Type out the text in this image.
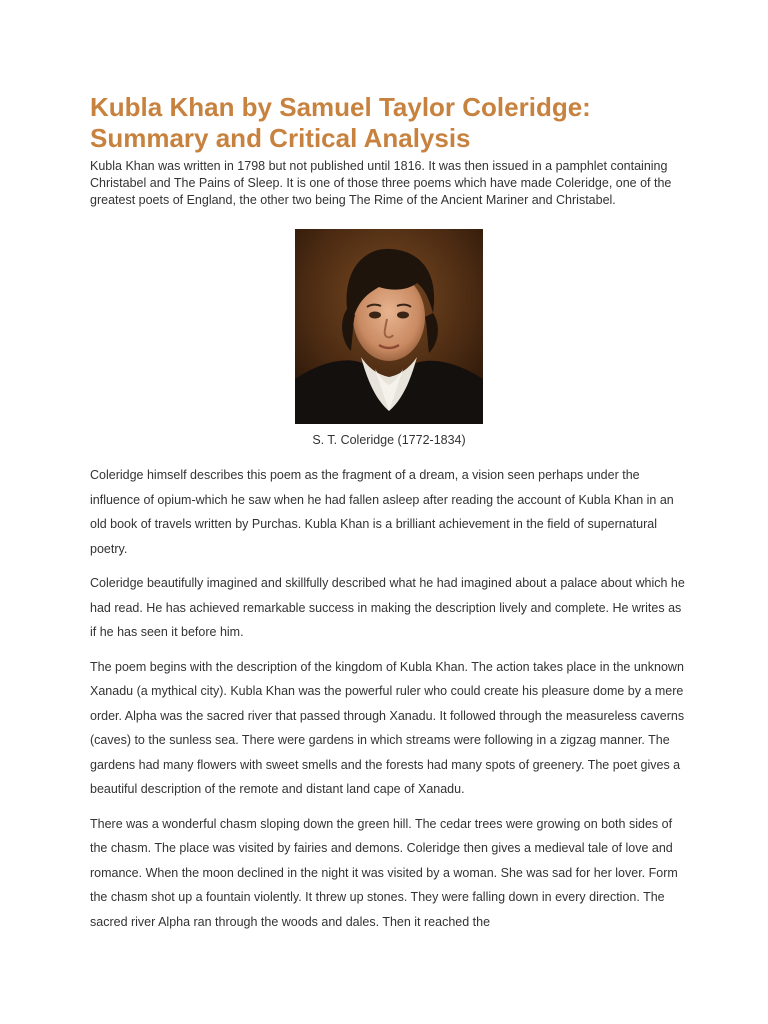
Kubla Khan by Samuel Taylor Coleridge:
Summary and Critical Analysis

Kubla Khan was written in 1798 but not published until 1816. It was then issued in a pamphlet containing Christabel and The Pains of Sleep. It is one of those three poems which have made Coleridge, one of the greatest poets of England, the other two being The Rime of the Ancient Mariner and Christabel.

S. T. Coleridge (1772-1834)

Coleridge himself describes this poem as the fragment of a dream, a vision seen perhaps under the influence of opium-which he saw when he had fallen asleep after reading the account of Kubla Khan in an old book of travels written by Purchas. Kubla Khan is a brilliant achievement in the field of supernatural poetry.

Coleridge beautifully imagined and skillfully described what he had imagined about a palace about which he had read. He has achieved remarkable success in making the description lively and complete. He writes as if he has seen it before him.

The poem begins with the description of the kingdom of Kubla Khan. The action takes place in the unknown Xanadu (a mythical city). Kubla Khan was the powerful ruler who could create his pleasure dome by a mere order. Alpha was the sacred river that passed through Xanadu. It followed through the measureless caverns (caves) to the sunless sea. There were gardens in which streams were following in a zigzag manner. The gardens had many flowers with sweet smells and the forests had many spots of greenery. The poet gives a beautiful description of the remote and distant land cape of Xanadu.

There was a wonderful chasm sloping down the green hill. The cedar trees were growing on both sides of the chasm. The place was visited by fairies and demons. Coleridge then gives a medieval tale of love and romance. When the moon declined in the night it was visited by a woman. She was sad for her lover. Form the chasm shot up a fountain violently. It threw up stones. They were falling down in every direction. The sacred river Alpha ran through the woods and dales. Then it reached the
